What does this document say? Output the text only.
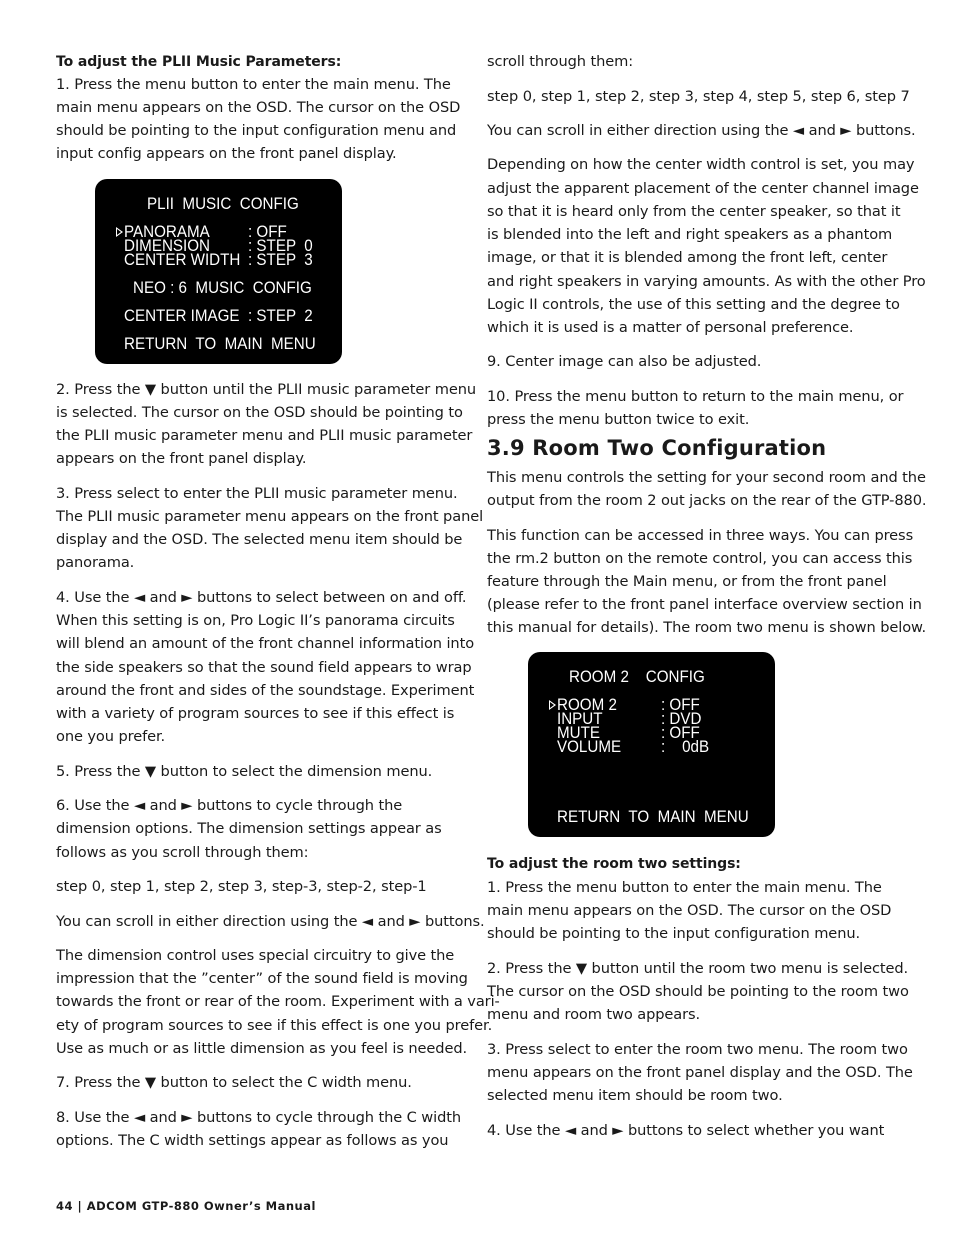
To adjust the PLII Music Parameters:

1. Press the menu button to enter the main menu. The

main menu appears on the OSD. The cursor on the OSD

should be pointing to the input configuration menu and

input config appears on the front panel display.

2. Press the ▼ button until the PLII music parameter menu

is selected. The cursor on the OSD should be pointing to

the PLII music parameter menu and PLII music parameter

appears on the front panel display.

3. Press select to enter the PLII music parameter menu.

The PLII music parameter menu appears on the front panel

display and the OSD. The selected menu item should be

panorama.

4. Use the ◄ and ► buttons to select between on and off.

When this setting is on, Pro Logic II’s panorama circuits

will blend an amount of the front channel information into

the side speakers so that the sound field appears to wrap

around the front and sides of the soundstage. Experiment

with a variety of program sources to see if this effect is

one you prefer.

5. Press the ▼ button to select the dimension menu.

6. Use the ◄ and ► buttons to cycle through the

dimension options. The dimension settings appear as

follows as you scroll through them:

step 0, step 1, step 2, step 3, step-3, step-2, step-1

You can scroll in either direction using the ◄ and ► buttons.

The dimension control uses special circuitry to give the

impression that the ”center” of the sound field is moving

towards the front or rear of the room. Experiment with a vari-

ety of program sources to see if this effect is one you prefer.

Use as much or as little dimension as you feel is needed.

7. Press the ▼ button to select the C width menu.

8. Use the ◄ and ► buttons to cycle through the C width

options. The C width settings appear as follows as you

PLII  MUSIC  CONFIG
PANORAMA : OFF
DIMENSION : STEP  0
CENTER WIDTH : STEP  3
NEO : 6  MUSIC  CONFIG
CENTER IMAGE : STEP  2
RETURN  TO  MAIN  MENU

scroll through them:

step 0, step 1, step 2, step 3, step 4, step 5, step 6, step 7

You can scroll in either direction using the ◄ and ► buttons.

Depending on how the center width control is set, you may

adjust the apparent placement of the center channel image

so that it is heard only from the center speaker, so that it

is blended into the left and right speakers as a phantom

image, or that it is blended among the front left, center

and right speakers in varying amounts. As with the other Pro

Logic II controls, the use of this setting and the degree to

which it is used is a matter of personal preference.

9. Center image can also be adjusted.

10. Press the menu button to return to the main menu, or

press the menu button twice to exit.

3.9 Room Two Configuration

This menu controls the setting for your second room and the

output from the room 2 out jacks on the rear of the GTP-880.

This function can be accessed in three ways. You can press

the rm.2 button on the remote control, you can access this

feature through the Main menu, or from the front panel

(please refer to the front panel interface overview section in

this manual for details). The room two menu is shown below.

To adjust the room two settings:

1. Press the menu button to enter the main menu. The

main menu appears on the OSD. The cursor on the OSD

should be pointing to the input configuration menu.

2. Press the ▼ button until the room two menu is selected.

The cursor on the OSD should be pointing to the room two

menu and room two appears.

3. Press select to enter the room two menu. The room two

menu appears on the front panel display and the OSD. The

selected menu item should be room two.

4. Use the ◄ and ► buttons to select whether you want

ROOM 2    CONFIG
ROOM 2	: OFF
INPUT	: DVD
MUTE	: OFF
VOLUME :    0dB
RETURN  TO  MAIN  MENU
44 | ADCOM GTP-880 Owner’s Manual
